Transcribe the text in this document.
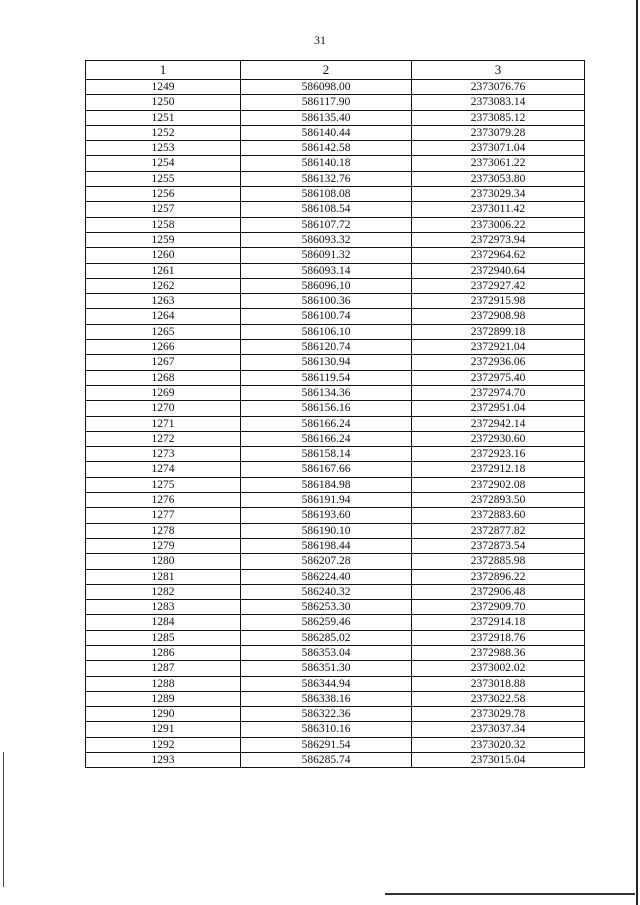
31
1	2	3
1249	586098.00	2373076.76
1250	586117.90	2373083.14
1251	586135.40	2373085.12
1252	586140.44	2373079.28
1253	586142.58	2373071.04
1254	586140.18	2373061.22
1255	586132.76	2373053.80
1256	586108.08	2373029.34
1257	586108.54	2373011.42
1258	586107.72	2373006.22
1259	586093.32	2372973.94
1260	586091.32	2372964.62
1261	586093.14	2372940.64
1262	586096.10	2372927.42
1263	586100.36	2372915.98
1264	586100.74	2372908.98
1265	586106.10	2372899.18
1266	586120.74	2372921.04
1267	586130.94	2372936.06
1268	586119.54	2372975.40
1269	586134.36	2372974.70
1270	586156.16	2372951.04
1271	586166.24	2372942.14
1272	586166.24	2372930.60
1273	586158.14	2372923.16
1274	586167.66	2372912.18
1275	586184.98	2372902.08
1276	586191.94	2372893.50
1277	586193.60	2372883.60
1278	586190.10	2372877.82
1279	586198.44	2372873.54
1280	586207.28	2372885.98
1281	586224.40	2372896.22
1282	586240.32	2372906.48
1283	586253.30	2372909.70
1284	586259.46	2372914.18
1285	586285.02	2372918.76
1286	586353.04	2372988.36
1287	586351.30	2373002.02
1288	586344.94	2373018.88
1289	586338.16	2373022.58
1290	586322.36	2373029.78
1291	586310.16	2373037.34
1292	586291.54	2373020.32
1293	586285.74	2373015.04
